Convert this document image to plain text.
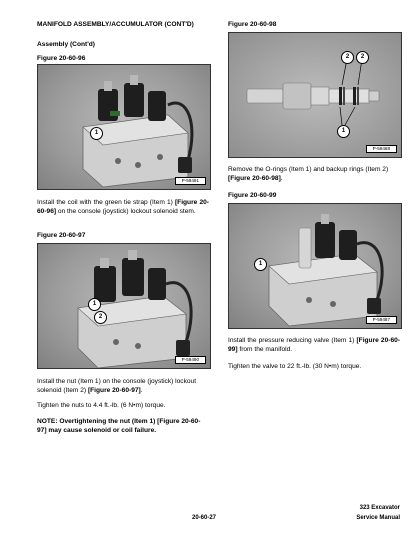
MANIFOLD ASSEMBLY/ACCUMULATOR (CONT'D)

Assembly (Cont'd)

Figure 20-60-96

1
P-59491

Install the coil with the green tie strap (Item 1) [Figure 20-60-96] on the console (joystick) lockout solenoid stem.

Figure 20-60-97

1
2
P-59490

Install the nut (Item 1) on the console (joystick) lockout solenoid (Item 2) [Figure 20-60-97].

Tighten the nuts to 4.4 ft.-lb. (6 N•m) torque.

NOTE: Overtightening the nut (Item 1) [Figure 20-60-97] may cause solenoid or coil failure.

Figure 20-60-98

2	2
1
P-59488

Remove the O-rings (Item 1) and backup rings (Item 2) [Figure 20-60-98].

Figure 20-60-99

1
P-59487

Install the pressure reducing valve (Item 1) [Figure 20-60-99] from the manifold.

Tighten the valve to 22 ft.-lb. (30 N•m) torque.

20-60-27
323 Excavator
Service Manual
